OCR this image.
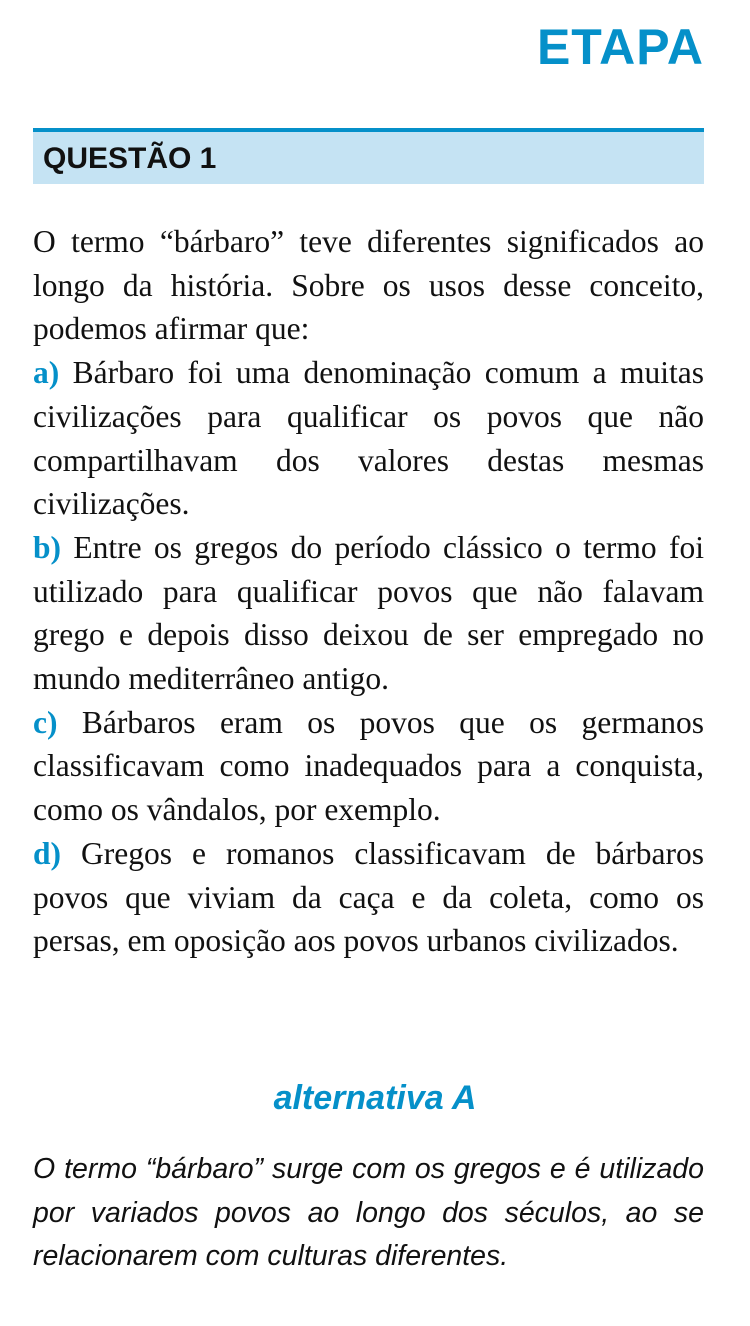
ETAPA
QUESTÃO 1

O termo “bárbaro” teve diferentes significados ao longo da história. Sobre os usos desse conceito, podemos afirmar que:

a) Bárbaro foi uma denominação comum a muitas civilizações para qualificar os povos que não compartilhavam dos valores destas mesmas civilizações.

b) Entre os gregos do período clássico o termo foi utilizado para qualificar povos que não falavam grego e depois disso deixou de ser empregado no mundo mediterrâneo antigo.

c) Bárbaros eram os povos que os germanos classificavam como inadequados para a conquista, como os vândalos, por exemplo.

d) Gregos e romanos classificavam de bárbaros povos que viviam da caça e da coleta, como os persas, em oposição aos povos urbanos civilizados.

alternativa A

O termo “bárbaro” surge com os gregos e é utilizado por variados povos ao longo dos séculos, ao se relacionarem com culturas diferentes.
